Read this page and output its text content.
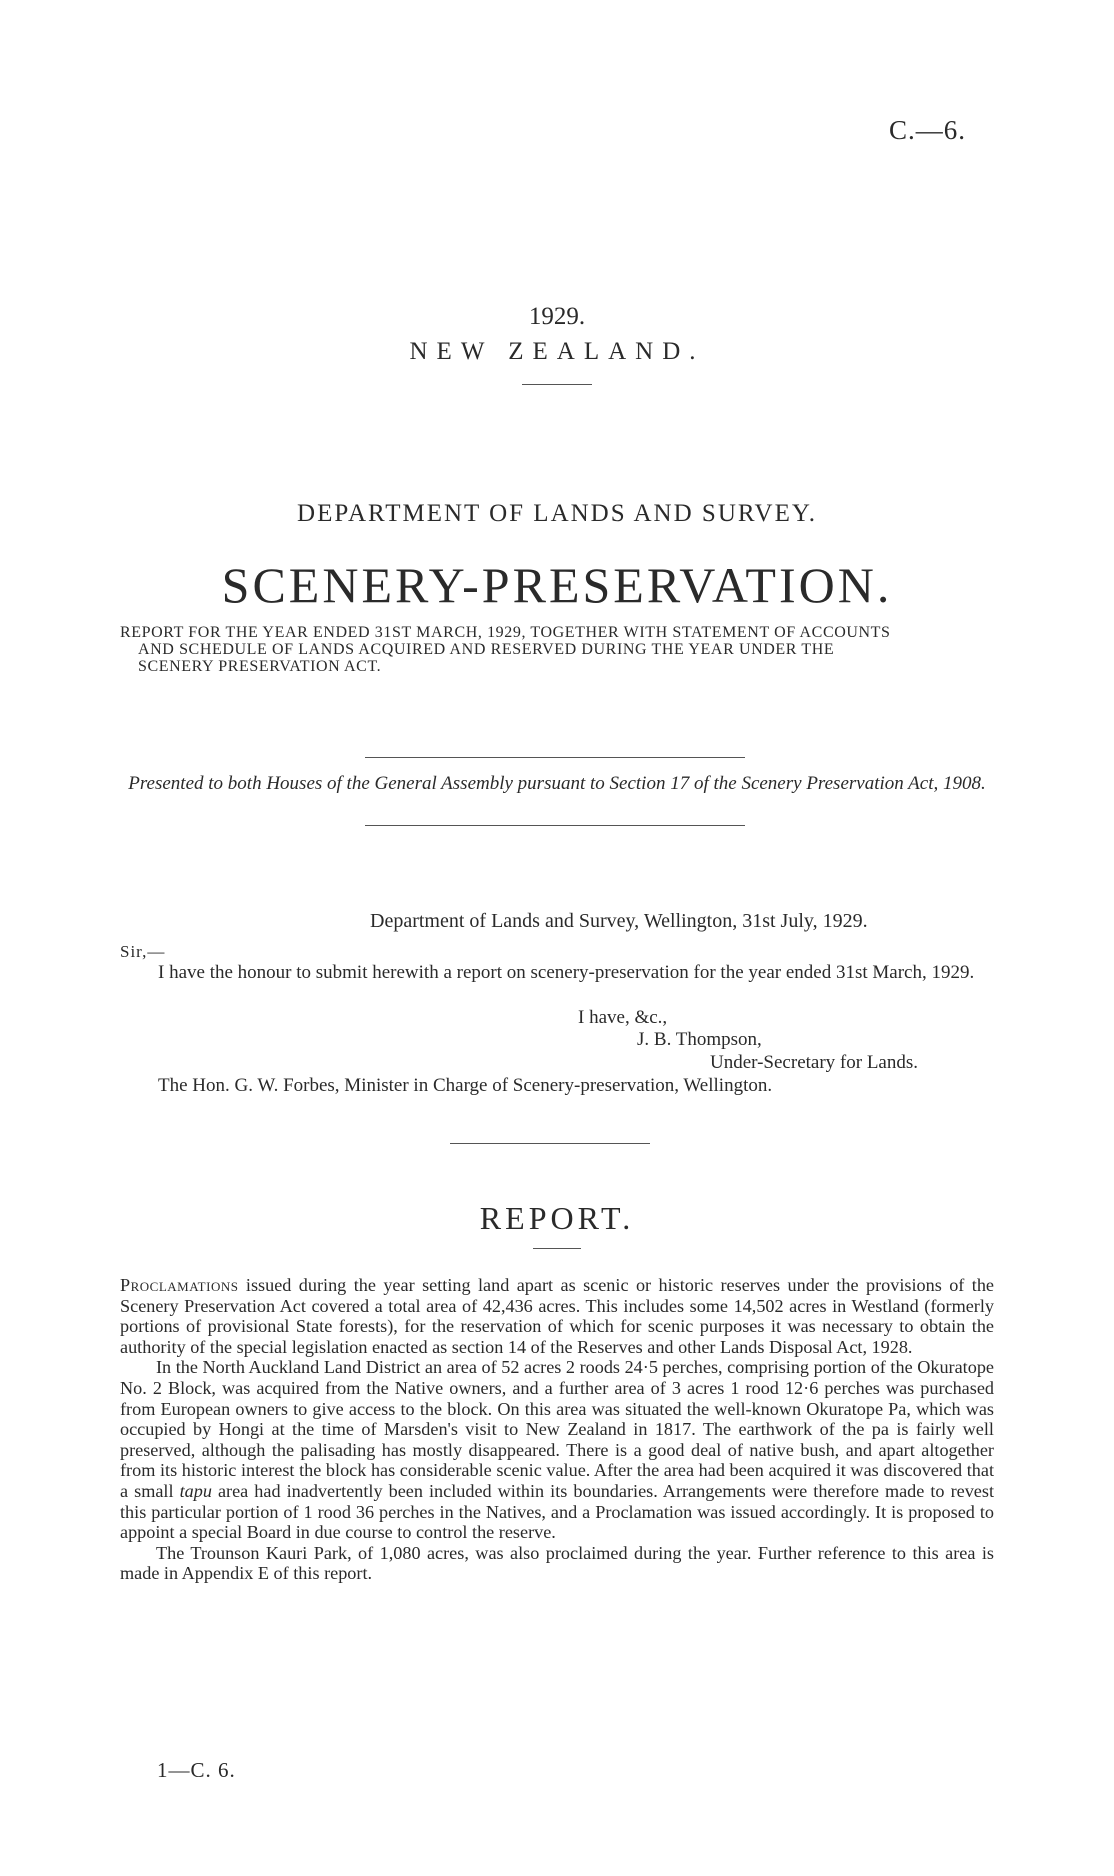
C.—6.
1929.
NEW ZEALAND.
DEPARTMENT OF LANDS AND SURVEY.
SCENERY-PRESERVATION.
REPORT FOR THE YEAR ENDED 31ST MARCH, 1929, TOGETHER WITH STATEMENT OF ACCOUNTS
AND SCHEDULE OF LANDS ACQUIRED AND RESERVED DURING THE YEAR UNDER THE
SCENERY PRESERVATION ACT.
Presented to both Houses of the General Assembly pursuant to Section 17 of the Scenery Preservation Act, 1908.
Department of Lands and Survey, Wellington, 31st July, 1929.
Sir,—
I have the honour to submit herewith a report on scenery-preservation for the year ended 31st March, 1929.
I have, &c.,
J. B. Thompson,
Under-Secretary for Lands.
The Hon. G. W. Forbes, Minister in Charge of Scenery-preservation, Wellington.
REPORT.

Proclamations issued during the year setting land apart as scenic or historic reserves under the provisions of the Scenery Preservation Act covered a total area of 42,436 acres. This includes some 14,502 acres in Westland (formerly portions of provisional State forests), for the reservation of which for scenic purposes it was necessary to obtain the authority of the special legislation enacted as section 14 of the Reserves and other Lands Disposal Act, 1928.

In the North Auckland Land District an area of 52 acres 2 roods 24·5 perches, comprising portion of the Okuratope No. 2 Block, was acquired from the Native owners, and a further area of 3 acres 1 rood 12·6 perches was purchased from European owners to give access to the block. On this area was situated the well-known Okuratope Pa, which was occupied by Hongi at the time of Marsden's visit to New Zealand in 1817. The earthwork of the pa is fairly well preserved, although the palisading has mostly disappeared. There is a good deal of native bush, and apart altogether from its historic interest the block has considerable scenic value. After the area had been acquired it was discovered that a small tapu area had inadvertently been included within its boundaries. Arrangements were therefore made to revest this particular portion of 1 rood 36 perches in the Natives, and a Proclamation was issued accordingly. It is proposed to appoint a special Board in due course to control the reserve.

The Trounson Kauri Park, of 1,080 acres, was also proclaimed during the year. Further reference to this area is made in Appendix E of this report.

1—C. 6.
